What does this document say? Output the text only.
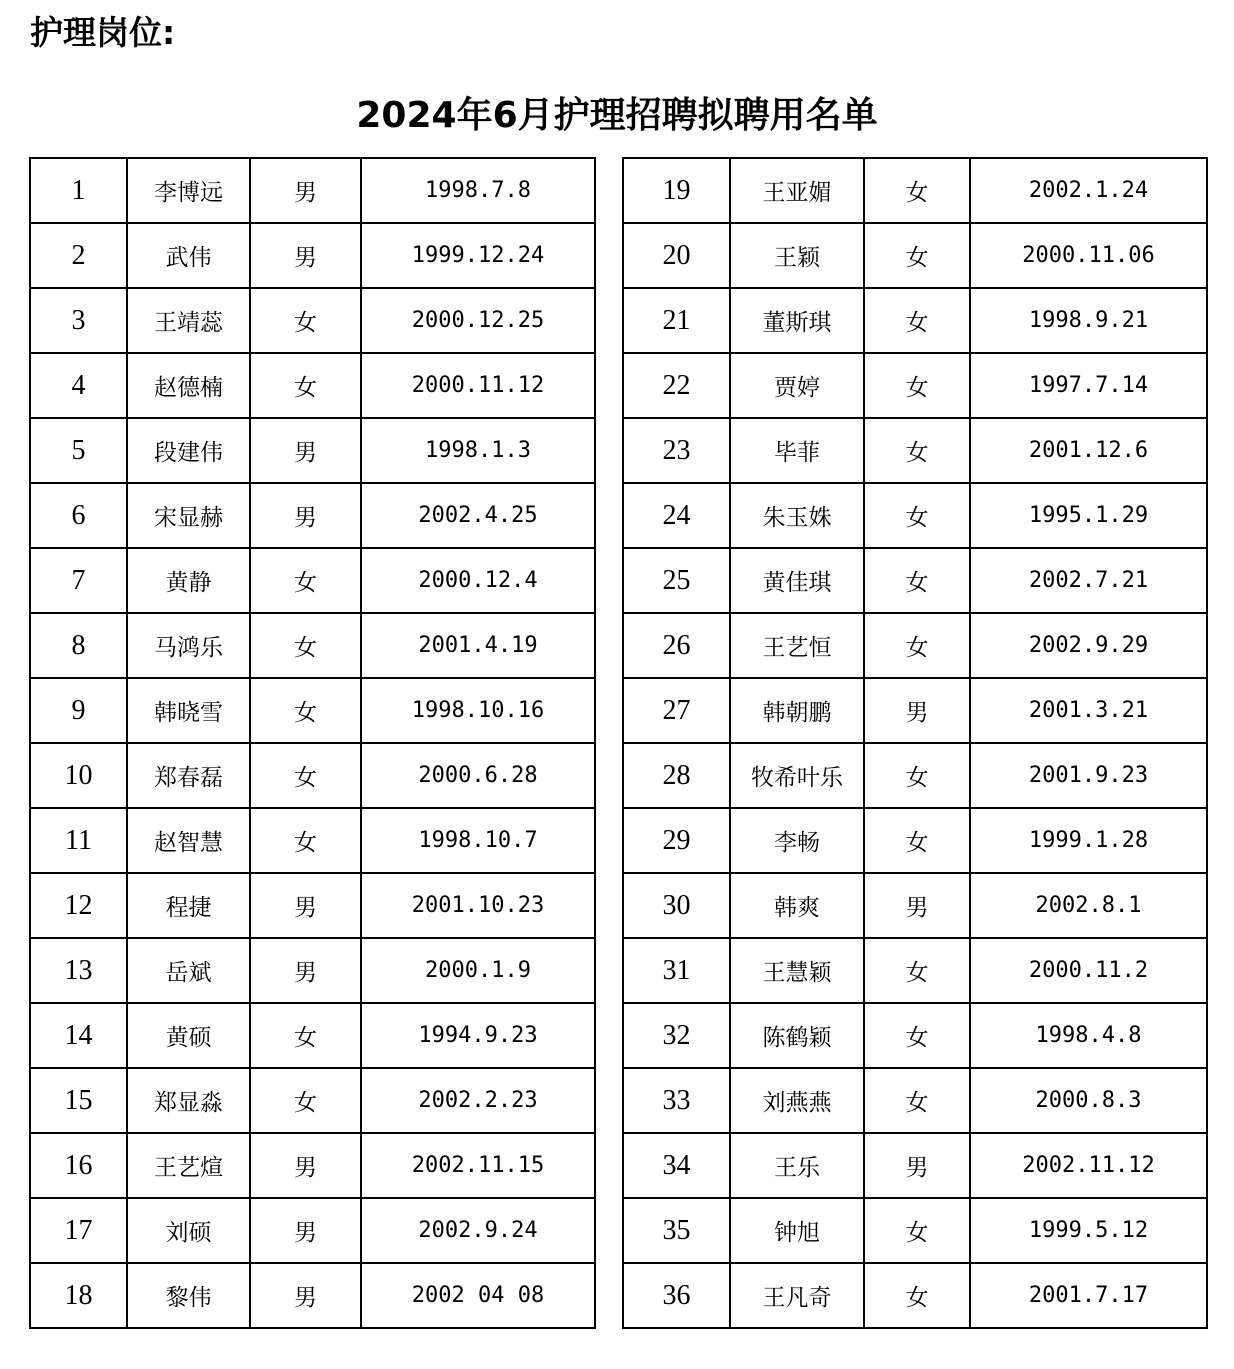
护理岗位:
2024年6月护理招聘拟聘用名单
1	李博远	男	1998.7.8
2	武伟	男	1999.12.24
3	王靖蕊	女	2000.12.25
4	赵德楠	女	2000.11.12
5	段建伟	男	1998.1.3
6	宋显赫	男	2002.4.25
7	黄静	女	2000.12.4
8	马鸿乐	女	2001.4.19
9	韩晓雪	女	1998.10.16
10	郑春磊	女	2000.6.28
11	赵智慧	女	1998.10.7
12	程捷	男	2001.10.23
13	岳斌	男	2000.1.9
14	黄硕	女	1994.9.23
15	郑显淼	女	2002.2.23
16	王艺煊	男	2002.11.15
17	刘硕	男	2002.9.24
18	黎伟	男	2002 04 08
19	王亚媚	女	2002.1.24
20	王颖	女	2000.11.06
21	董斯琪	女	1998.9.21
22	贾婷	女	1997.7.14
23	毕菲	女	2001.12.6
24	朱玉姝	女	1995.1.29
25	黄佳琪	女	2002.7.21
26	王艺恒	女	2002.9.29
27	韩朝鹏	男	2001.3.21
28	牧希叶乐	女	2001.9.23
29	李畅	女	1999.1.28
30	韩爽	男	2002.8.1
31	王慧颖	女	2000.11.2
32	陈鹤颖	女	1998.4.8
33	刘燕燕	女	2000.8.3
34	王乐	男	2002.11.12
35	钟旭	女	1999.5.12
36	王凡奇	女	2001.7.17
